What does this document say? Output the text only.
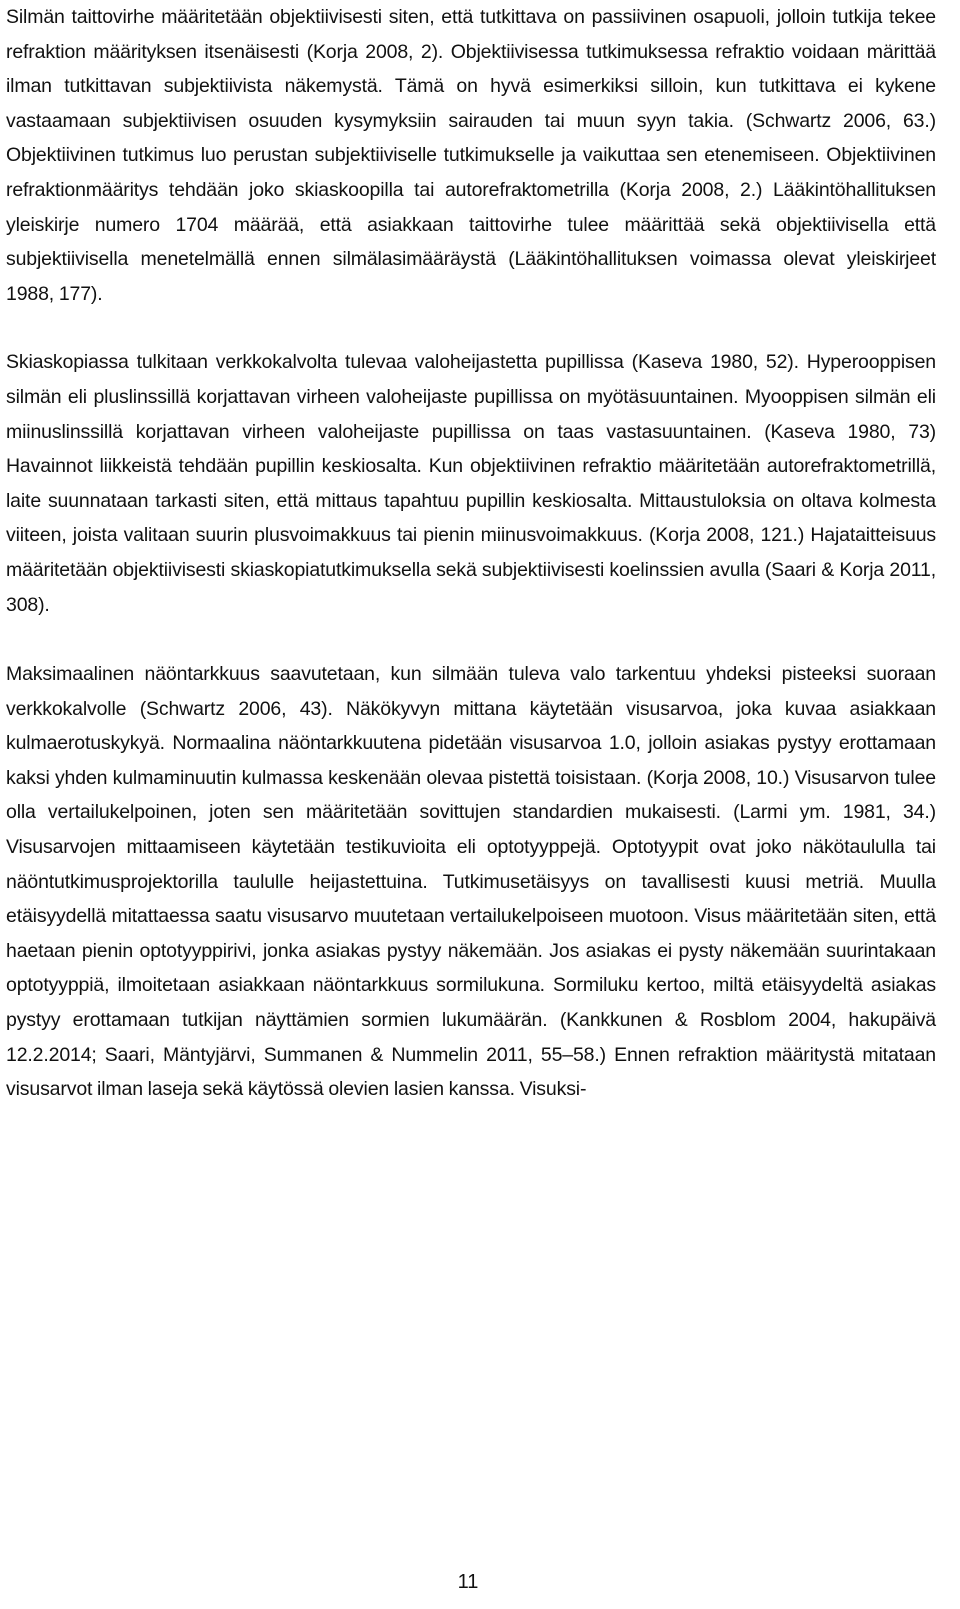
Silmän taittovirhe määritetään objektiivisesti siten, että tutkittava on passiivinen osapuoli, jolloin tutkija tekee refraktion määrityksen itsenäisesti (Korja 2008, 2). Objektiivisessa tutkimuksessa refraktio voidaan märittää ilman tutkittavan subjektiivista näkemystä. Tämä on hyvä esimerkiksi silloin, kun tutkittava ei kykene vastaamaan subjektiivisen osuuden kysymyksiin sairauden tai muun syyn takia. (Schwartz 2006, 63.) Objektiivinen tutkimus luo perustan subjektiiviselle tutkimukselle ja vaikuttaa sen etenemiseen. Objektiivinen refraktionmääritys tehdään joko skiaskoopilla tai autorefraktometrilla (Korja 2008, 2.) Lääkintöhallituksen yleiskirje numero 1704 määrää, että asiakkaan taittovirhe tulee määrittää sekä objektiivisella että subjektiivisella menetelmällä ennen silmälasimääräystä (Lääkintöhallituksen voimassa olevat yleiskirjeet 1988, 177).

Skiaskopiassa tulkitaan verkkokalvolta tulevaa valoheijastetta pupillissa (Kaseva 1980, 52). Hyperooppisen silmän eli pluslinssillä korjattavan virheen valoheijaste pupillissa on myötäsuuntainen. Myooppisen silmän eli miinuslinssillä korjattavan virheen valoheijaste pupillissa on taas vastasuuntainen. (Kaseva 1980, 73) Havainnot liikkeistä tehdään pupillin keskiosalta. Kun objektiivinen refraktio määritetään autorefraktometrillä, laite suunnataan tarkasti siten, että mittaus tapahtuu pupillin keskiosalta. Mittaustuloksia on oltava kolmesta viiteen, joista valitaan suurin plusvoimakkuus tai pienin miinusvoimakkuus. (Korja 2008, 121.) Hajataitteisuus määritetään objektiivisesti skiaskopiatutkimuksella sekä subjektiivisesti koelinssien avulla (Saari & Korja 2011, 308).

Maksimaalinen näöntarkkuus saavutetaan, kun silmään tuleva valo tarkentuu yhdeksi pisteeksi suoraan verkkokalvolle (Schwartz 2006, 43). Näkökyvyn mittana käytetään visusarvoa, joka kuvaa asiakkaan kulmaerotuskykyä. Normaalina näöntarkkuutena pidetään visusarvoa 1.0, jolloin asiakas pystyy erottamaan kaksi yhden kulmaminuutin kulmassa keskenään olevaa pistettä toisistaan. (Korja 2008, 10.) Visusarvon tulee olla vertailukelpoinen, joten sen määritetään sovittujen standardien mukaisesti. (Larmi ym. 1981, 34.) Visusarvojen mittaamiseen käytetään testikuvioita eli optotyyppejä. Optotyypit ovat joko näkötaululla tai näöntutkimusprojektorilla taululle heijastettuina. Tutkimusetäisyys on tavallisesti kuusi metriä. Muulla etäisyydellä mitattaessa saatu visusarvo muutetaan vertailukelpoiseen muotoon. Visus määritetään siten, että haetaan pienin optotyyppirivi, jonka asiakas pystyy näkemään. Jos asiakas ei pysty näkemään suurintakaan optotyyppiä, ilmoitetaan asiakkaan näöntarkkuus sormilukuna. Sormiluku kertoo, miltä etäisyydeltä asiakas pystyy erottamaan tutkijan näyttämien sormien lukumäärän. (Kankkunen & Rosblom 2004, hakupäivä 12.2.2014; Saari, Mäntyjärvi, Summanen & Nummelin 2011, 55–58.) Ennen refraktion määritystä mitataan visusarvot ilman laseja sekä käytössä olevien lasien kanssa. Visuksi-

11
